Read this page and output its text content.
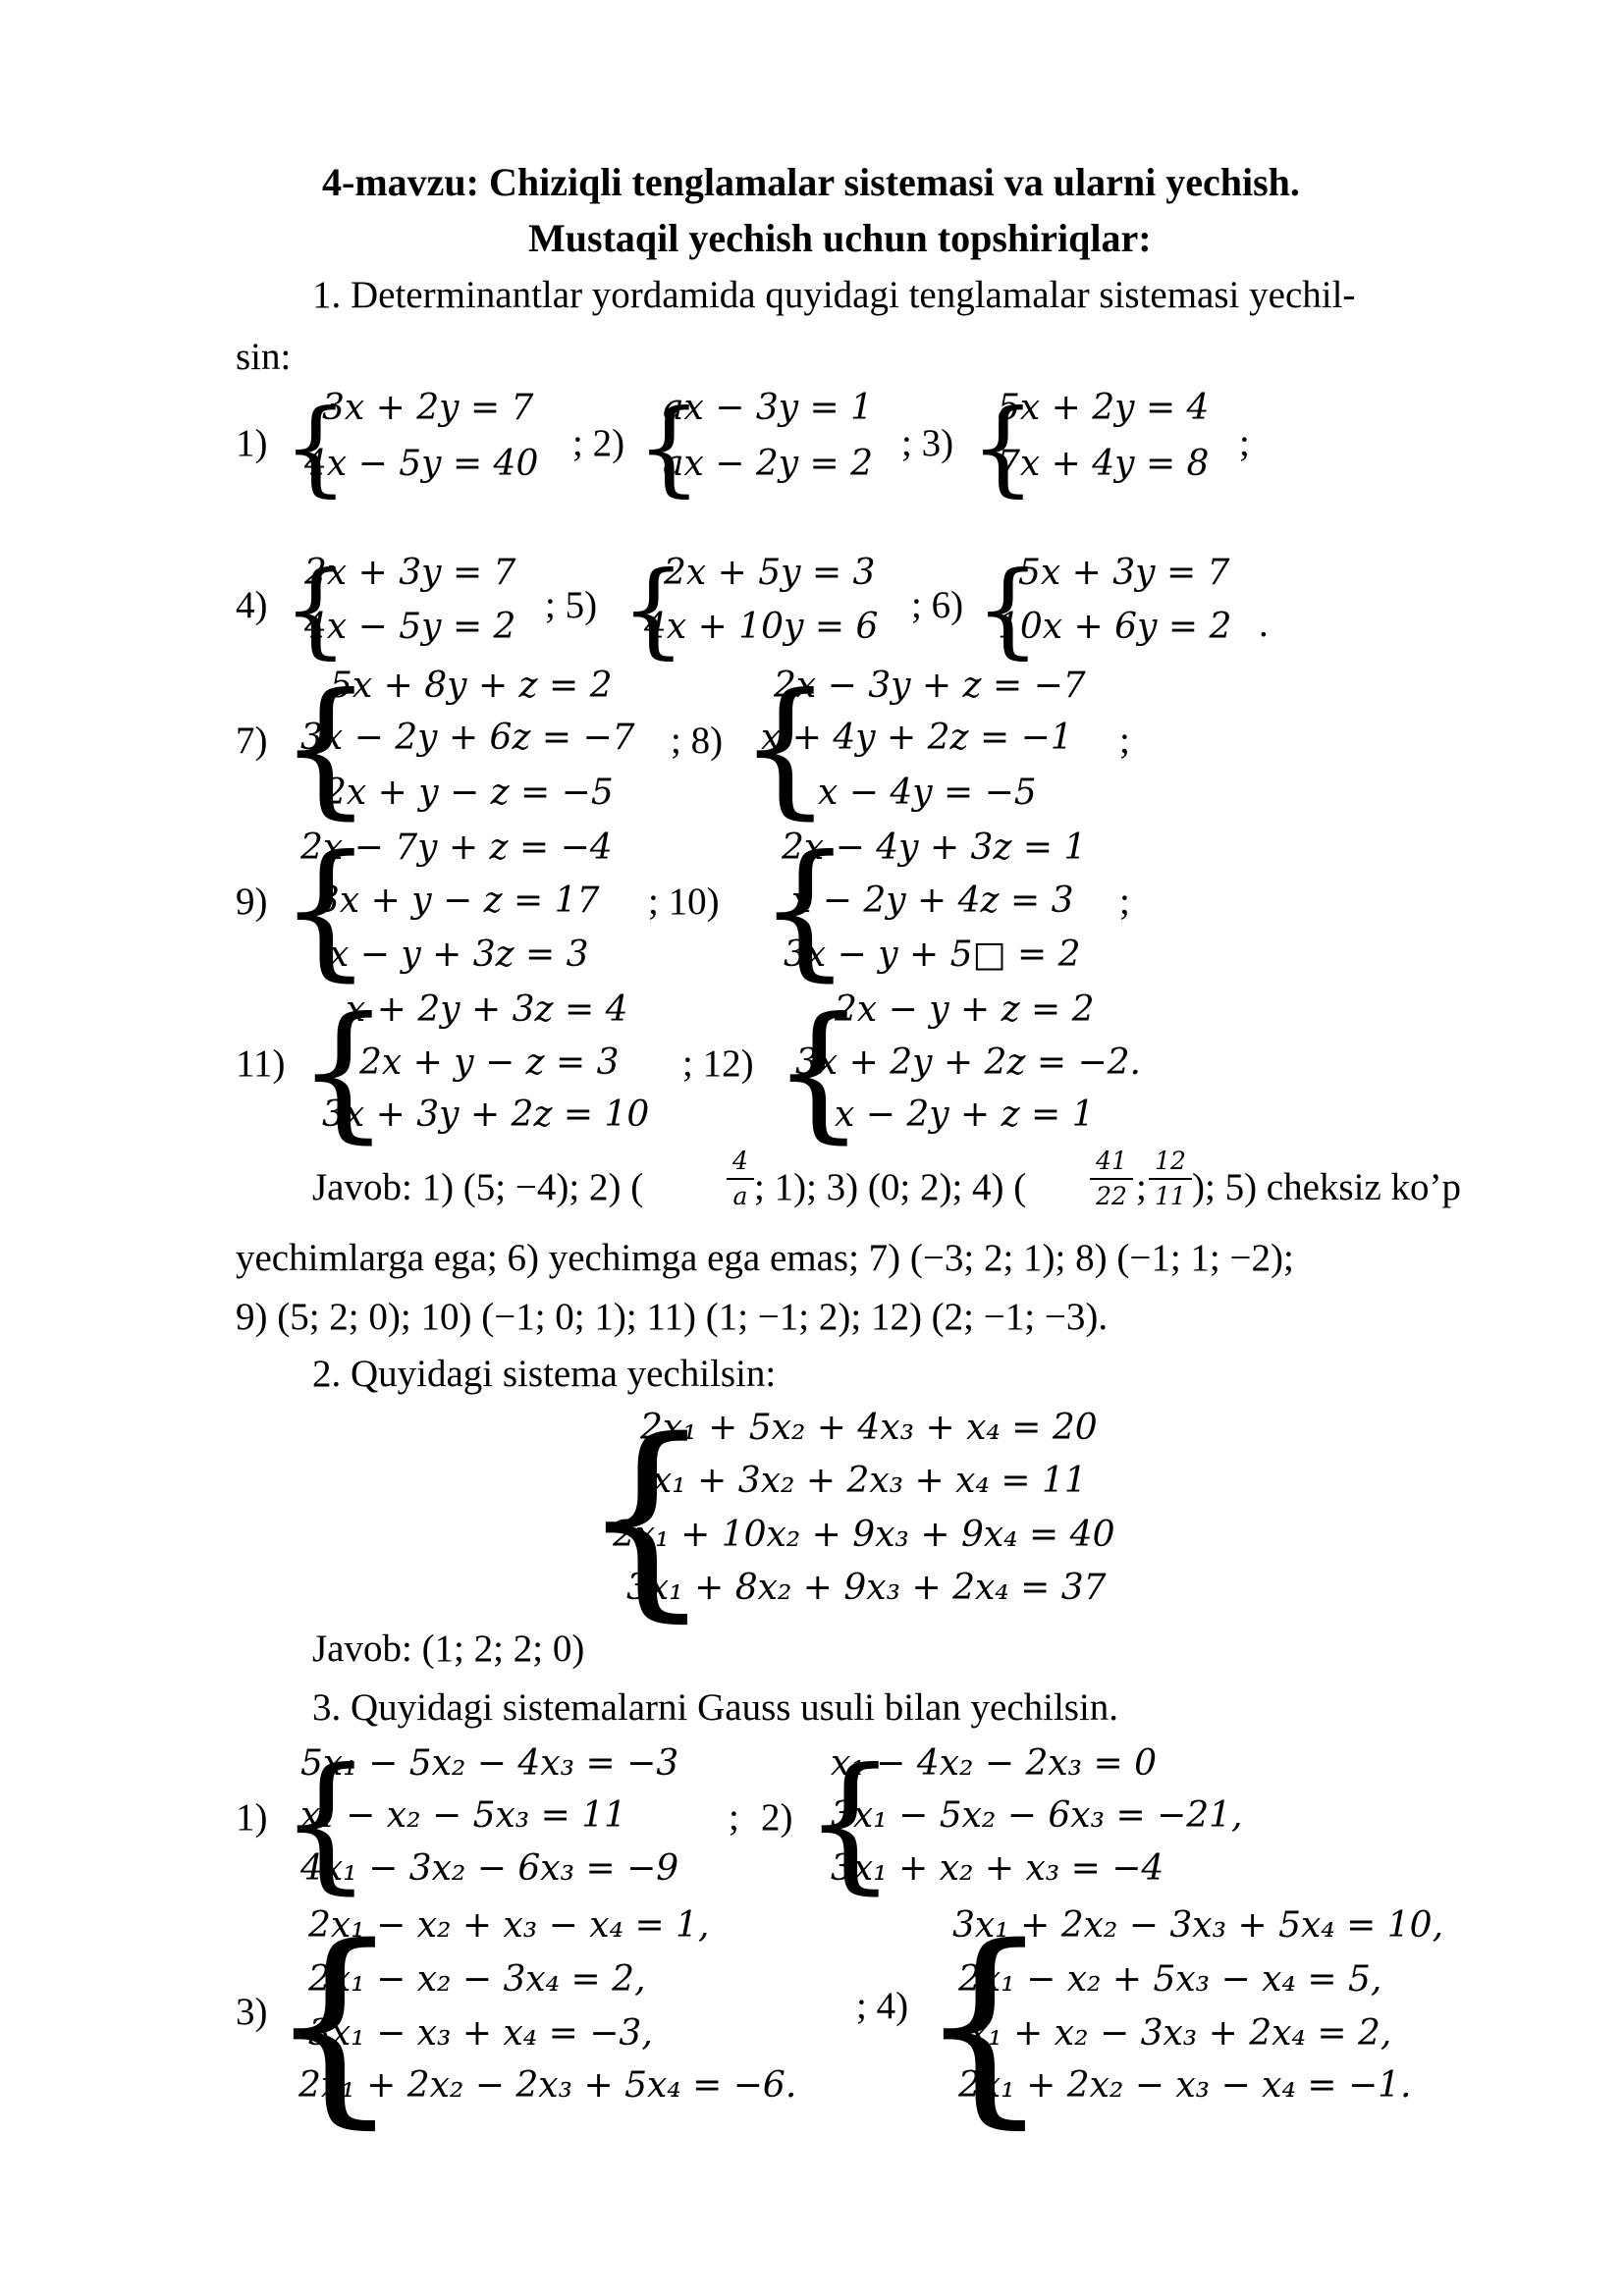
4-mavzu: Chiziqli tenglamalar sistemasi va ularni yechish.
Mustaqil yechish uchun topshiriqlar:
1. Determinantlar yordamida quyidagi tenglamalar sistemasi yechil-
sin:
1) {
3𝑥 + 2𝑦 = 7
4𝑥 − 5𝑦 = 40 ; 2) {
𝑎𝑥 − 3𝑦 = 1
𝑎𝑥 − 2𝑦 = 2 ; 3) {
5𝑥 + 2𝑦 = 4
7𝑥 + 4𝑦 = 8 ;
4) {
2𝑥 + 3𝑦 = 7
4𝑥 − 5𝑦 = 2
; 5) {
2𝑥 + 5𝑦 = 3
4𝑥 + 10𝑦 = 6
; 6) {
5𝑥 + 3𝑦 = 7
10𝑥 + 6𝑦 = 2 .
7) {
5𝑥 + 8𝑦 + 𝑧 = 2
3𝑥 − 2𝑦 + 6𝑧 = −7
2𝑥 + 𝑦 − 𝑧 = −5
; 8) {
2𝑥 − 3𝑦 + 𝑧 = −7
𝑥 + 4𝑦 + 2𝑧 = −1
𝑥 − 4𝑦 = −5
;
9) {
2𝑥 − 7𝑦 + 𝑧 = −4
3𝑥 + 𝑦 − 𝑧 = 17
𝑥 − 𝑦 + 3𝑧 = 3
; 10) {
2𝑥 − 4𝑦 + 3𝑧 = 1
𝑥 − 2𝑦 + 4𝑧 = 3
3𝑥 − 𝑦 + 5□ = 2
;
11) {
𝑥 + 2𝑦 + 3𝑧 = 4
2𝑥 + 𝑦 − 𝑧 = 3
3𝑥 + 3𝑦 + 2𝑧 = 10
; 12) {
2𝑥 − 𝑦 + 𝑧 = 2
3𝑥 + 2𝑦 + 2𝑧 = −2.
𝑥 − 2𝑦 + 𝑧 = 1
Javob: 1) (5; −4); 2) (
4
𝑎 ; 1); 3) (0; 2); 4) (
41
22 ;
12
11 ); 5) cheksiz ko’p
yechimlarga ega; 6) yechimga ega emas; 7) (−3; 2; 1); 8) (−1; 1; −2);
9) (5; 2; 0); 10) (−1; 0; 1); 11) (1; −1; 2); 12) (2; −1; −3).
2. Quyidagi sistema yechilsin:
{
2𝑥₁ + 5𝑥₂ + 4𝑥₃ + 𝑥₄ = 20
𝑥₁ + 3𝑥₂ + 2𝑥₃ + 𝑥₄ = 11
2𝑥₁ + 10𝑥₂ + 9𝑥₃ + 9𝑥₄ = 40
3𝑥₁ + 8𝑥₂ + 9𝑥₃ + 2𝑥₄ = 37
Javob: (1; 2; 2; 0)
3. Quyidagi sistemalarni Gauss usuli bilan yechilsin.
1) {
5𝑥₁ − 5𝑥₂ − 4𝑥₃ = −3
𝑥₁ − 𝑥₂ − 5𝑥₃ = 11
4𝑥₁ − 3𝑥₂ − 6𝑥₃ = −9
; 2) {
𝑥₁ − 4𝑥₂ − 2𝑥₃ = 0
3𝑥₁ − 5𝑥₂ − 6𝑥₃ = −21,
3𝑥₁ + 𝑥₂ + 𝑥₃ = −4
3) {
2𝑥₁ − 𝑥₂ + 𝑥₃ − 𝑥₄ = 1,
2𝑥₁ − 𝑥₂ − 3𝑥₄ = 2,
3𝑥₁ − 𝑥₃ + 𝑥₄ = −3,
2𝑥₁ + 2𝑥₂ − 2𝑥₃ + 5𝑥₄ = −6.
; 4) {
3𝑥₁ + 2𝑥₂ − 3𝑥₃ + 5𝑥₄ = 10,
2𝑥₁ − 𝑥₂ + 5𝑥₃ − 𝑥₄ = 5,
𝑥₁ + 𝑥₂ − 3𝑥₃ + 2𝑥₄ = 2,
2𝑥₁ + 2𝑥₂ − 𝑥₃ − 𝑥₄ = −1.
